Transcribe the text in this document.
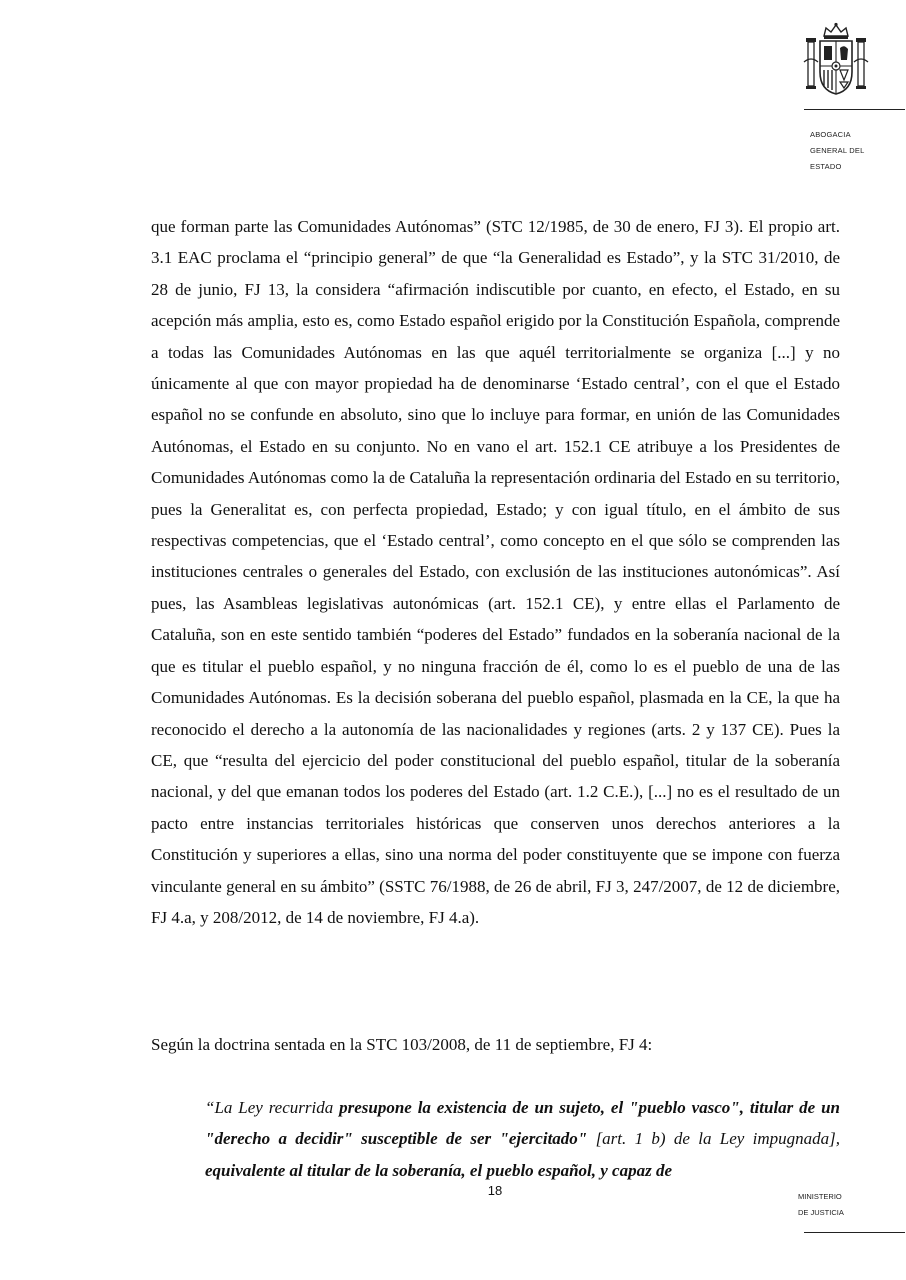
ABOGACIA
GENERAL DEL
ESTADO

que forman parte las Comunidades Autónomas” (STC 12/1985, de 30 de enero, FJ 3). El propio art. 3.1 EAC proclama el “principio general” de que “la Generalidad es Estado”, y la STC 31/2010, de 28 de junio, FJ 13, la considera “afirmación indiscutible por cuanto, en efecto, el Estado, en su acepción más amplia, esto es, como Estado español erigido por la Constitución Española, comprende a todas las Comunidades Autónomas en las que aquél territorialmente se organiza [...] y no únicamente al que con mayor propiedad ha de denominarse ‘Estado central’, con el que el Estado español no se confunde en absoluto, sino que lo incluye para formar, en unión de las Comunidades Autónomas, el Estado en su conjunto. No en vano el art. 152.1 CE atribuye a los Presidentes de Comunidades Autónomas como la de Cataluña la representación ordinaria del Estado en su territorio, pues la Generalitat es, con perfecta propiedad, Estado; y con igual título, en el ámbito de sus respectivas competencias, que el ‘Estado central’, como concepto en el que sólo se comprenden las instituciones centrales o generales del Estado, con exclusión de las instituciones autonómicas”. Así pues, las Asambleas legislativas autonómicas (art. 152.1 CE), y entre ellas el Parlamento de Cataluña, son en este sentido también “poderes del Estado” fundados en la soberanía nacional de la que es titular el pueblo español, y no ninguna fracción de él, como lo es el pueblo de una de las Comunidades Autónomas. Es la decisión soberana del pueblo español, plasmada en la CE, la que ha reconocido el derecho a la autonomía de las nacionalidades y regiones (arts. 2 y 137 CE). Pues la CE, que “resulta del ejercicio del poder constitucional del pueblo español, titular de la soberanía nacional, y del que emanan todos los poderes del Estado (art. 1.2 C.E.), [...] no es el resultado de un pacto entre instancias territoriales históricas que conserven unos derechos anteriores a la Constitución y superiores a ellas, sino una norma del poder constituyente que se impone con fuerza vinculante general en su ámbito” (SSTC 76/1988, de 26 de abril, FJ 3, 247/2007, de 12 de diciembre, FJ 4.a, y 208/2012, de 14 de noviembre, FJ 4.a).

Según la doctrina sentada en la STC 103/2008, de 11 de septiembre, FJ 4:

“La Ley recurrida presupone la existencia de un sujeto, el "pueblo vasco", titular de un "derecho a decidir" susceptible de ser "ejercitado" [art. 1 b) de la Ley impugnada], equivalente al titular de la soberanía, el pueblo español, y capaz de

18	MINISTERIO
DE JUSTICIA
